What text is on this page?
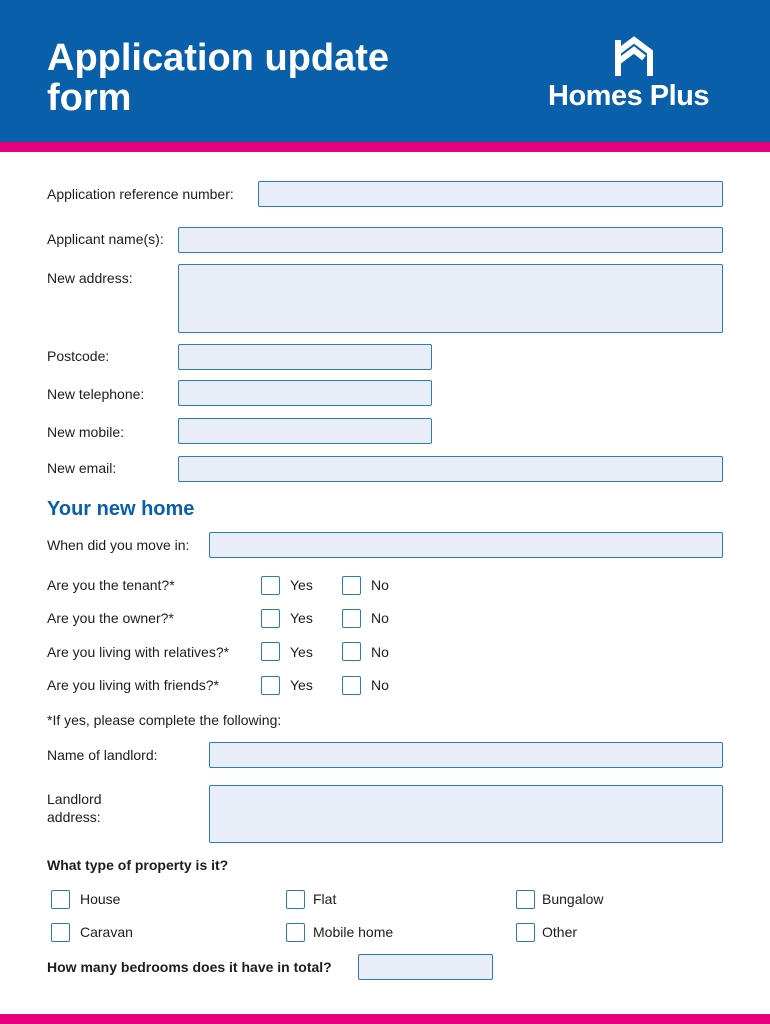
Application update form	Homes Plus
Application reference number:
Applicant name(s):
New address:
Postcode:
New telephone:
New mobile:
New email:
Your new home
When did you move in:
Are you the tenant?*	Yes	No
Are you the owner?*	Yes	No
Are you living with relatives?*	Yes	No
Are you living with friends?*	Yes	No
*If yes, please complete the following:
Name of landlord:
Landlord address:
What type of property is it?
House	Flat	Bungalow
Caravan	Mobile home	Other
How many bedrooms does it have in total?
